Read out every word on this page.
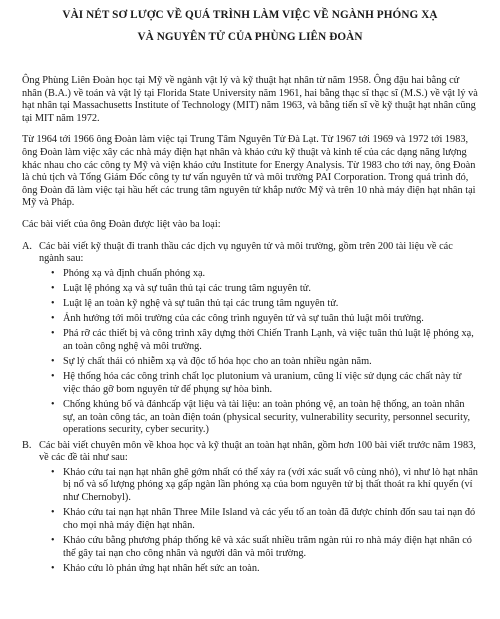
VÀI NÉT SƠ LƯỢC VỀ QUÁ TRÌNH LÀM VIỆC VỀ NGÀNH PHÓNG XẠ
VÀ NGUYÊN TỬ CỦA PHÙNG LIÊN ĐOÀN

Ông Phùng Liên Đoàn học tại Mỹ về ngành vật lý và kỹ thuật hạt nhân từ năm 1958. Ông đậu hai bằng cử nhân (B.A.) về toán và vật lý tại Florida State University năm 1961, hai bằng thạc sĩ thạc sĩ (M.S.) về vật lý và hạt nhân tại Massachusetts Institute of Technology (MIT) năm 1963, và bằng tiến sĩ về kỹ thuật hạt nhân cũng tại MIT năm 1972.

Từ 1964 tới 1966 ông Đoàn làm việc tại Trung Tâm Nguyên Tử Đà Lạt. Từ 1967 tới 1969 và 1972 tới 1983, ông Đoàn làm việc xây các nhà máy điện hạt nhân và khảo cứu kỹ thuật và kinh tế của các dạng năng lượng khác nhau cho các công ty Mỹ và viện khảo cứu Institute for Energy Analysis. Từ 1983 cho tới nay, ông Đoàn là chủ tịch và Tổng Giám Đốc công ty tư vấn nguyên tử và môi trường PAI Corporation. Trong quá trình đó, ông Đoàn đã làm việc tại hầu hết các trung tâm nguyên tử khắp nước Mỹ và trên 10 nhà máy điện hạt nhân tại Mỹ và Pháp.

Các bài viết của ông Đoàn được liệt vào ba loại:

A. Các bài viết kỹ thuật đi tranh thầu các dịch vụ nguyên tử và môi trường, gồm trên 200 tài liệu về các ngành sau:
• Phóng xạ và định chuẩn phóng xạ.
• Luật lệ phóng xạ và sự tuân thủ tại các trung tâm nguyên tử.
• Luật lệ an toàn kỹ nghệ và sự tuân thủ tại các trung tâm nguyên tử.
• Ảnh hưởng tới môi trường của các công trình nguyên tử và sự tuân thủ luật môi trường.
• Phá rỡ các thiết bị và công trình xây dựng thời Chiến Tranh Lạnh, và việc tuân thủ luật lệ phóng xạ, an toàn công nghệ và môi trường.
• Sự lý chất thải có nhiễm xạ và độc tố hóa học cho an toàn nhiều ngàn năm.
• Hệ thống hóa các công trình chất lọc plutonium và uranium, cũng lí việc sử dụng các chất này từ việc tháo gỡ bom nguyên tử để phụng sự hòa bình.
• Chống khủng bố và đánhcấp vật liệu và tài liệu: an toàn phóng vệ, an toàn hệ thống, an toàn nhân sự, an toàn công tác, an toàn điện toán (physical security, vulnerability security, personnel security, operations security, cyber security.)
B. Các bài viết chuyên môn về khoa học và kỹ thuật an toàn hạt nhân, gồm hơn 100 bài viết trước năm 1983, về các đề tài như sau:
• Khảo cứu tai nạn hạt nhân ghê gớm nhất có thể xảy ra (với xác suất vô cùng nhỏ), vì như lò hạt nhân bị nổ và số lượng phóng xạ gấp ngàn lần phóng xạ của bom nguyên tử bị thất thoát ra khí quyển (ví như Chernobyl).
• Khảo cứu tai nạn hạt nhân Three Mile Island và các yếu tố an toàn đã được chỉnh đốn sau tai nạn đó cho mọi nhà máy điện hạt nhân.
• Khảo cứu bằng phương pháp thống kê và xác suất nhiều trăm ngàn rủi ro nhà máy điện hạt nhân có thể gây tai nạn cho công nhân và người dân và môi trường.
• Khảo cứu lò phản ứng hạt nhân hết sức an toàn.
